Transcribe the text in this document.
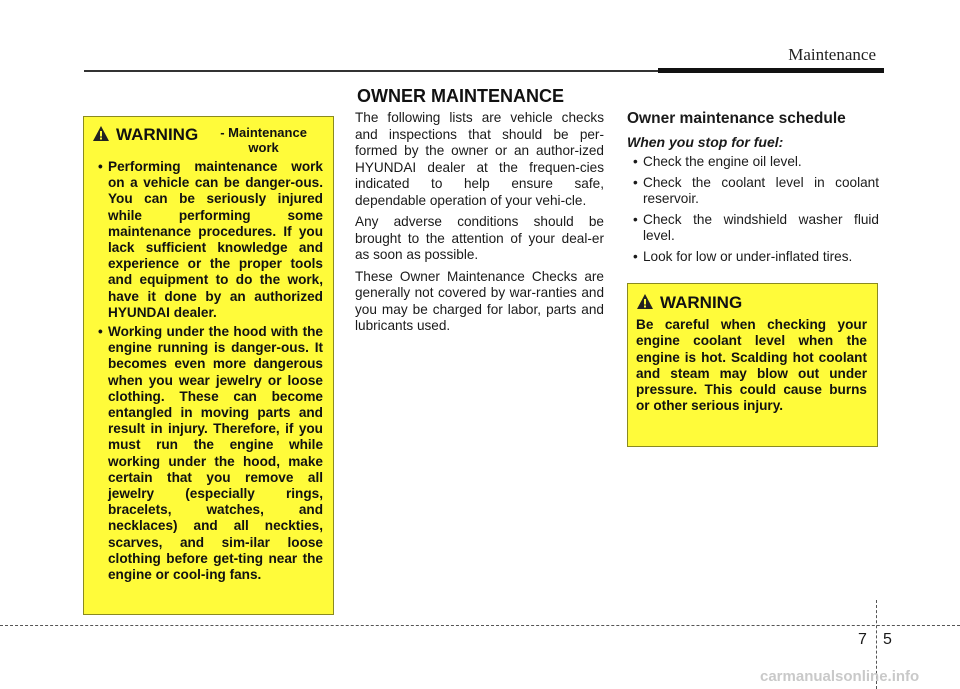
Maintenance
OWNER MAINTENANCE
WARNING	- Maintenance work
• Performing maintenance work on a vehicle can be danger-ous. You can be seriously injured while performing some maintenance procedures. If you lack sufficient knowledge and experience or the proper tools and equipment to do the work, have it done by an authorized HYUNDAI dealer.
• Working under the hood with the engine running is danger-ous. It becomes even more dangerous when you wear jewelry or loose clothing. These can become entangled in moving parts and result in injury. Therefore, if you must run the engine while working under the hood, make certain that you remove all jewelry (especially rings, bracelets, watches, and necklaces) and all neckties, scarves, and sim-ilar loose clothing before get-ting near the engine or cool-ing fans.

The following lists are vehicle checks and inspections that should be per-formed by the owner or an author-ized HYUNDAI dealer at the frequen-cies indicated to help ensure safe, dependable operation of your vehi-cle.

Any adverse conditions should be brought to the attention of your deal-er as soon as possible.

These Owner Maintenance Checks are generally not covered by war-ranties and you may be charged for labor, parts and lubricants used.

Owner maintenance schedule
When you stop for fuel:
• Check the engine oil level.
• Check the coolant level in coolant reservoir.
• Check the windshield washer fluid level.
• Look for low or under-inflated tires.
WARNING
Be careful when checking your engine coolant level when the engine is hot. Scalding hot coolant and steam may blow out under pressure. This could cause burns or other serious injury.
7 5
carmanualsonline.info
